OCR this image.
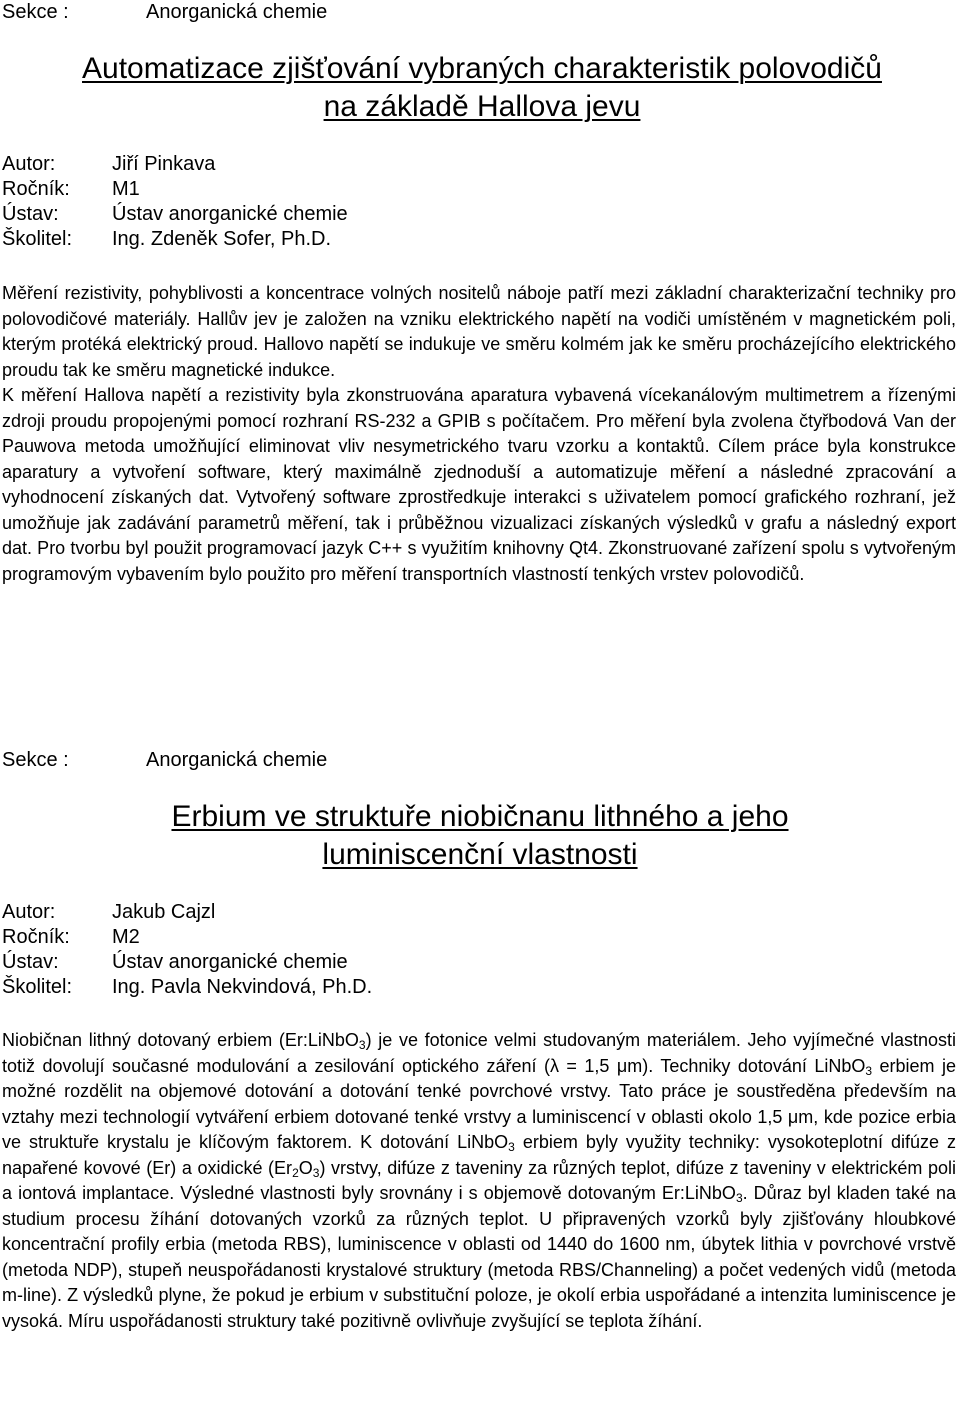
Sekce :	Anorganická chemie
Automatizace zjišťování vybraných charakteristik polovodičů
na základě Hallova jevu
Autor:	Jiří Pinkava
Ročník: M1
Ústav:	Ústav anorganické chemie
Školitel: Ing. Zdeněk Sofer, Ph.D.

Měření rezistivity, pohyblivosti a koncentrace volných nositelů náboje patří mezi základní charakterizační techniky pro polovodičové materiály. Hallův jev je založen na vzniku elektrického napětí na vodiči umístěném v magnetickém poli, kterým protéká elektrický proud. Hallovo napětí se indukuje ve směru kolmém jak ke směru procházejícího elektrického proudu tak ke směru magnetické indukce.

K měření Hallova napětí a rezistivity byla zkonstruována aparatura vybavená vícekanálovým multimetrem a řízenými zdroji proudu propojenými pomocí rozhraní RS-232 a GPIB s počítačem. Pro měření byla zvolena čtyřbodová Van der Pauwova metoda umožňující eliminovat vliv nesymetrického tvaru vzorku a kontaktů. Cílem práce byla konstrukce aparatury a vytvoření software, který maximálně zjednoduší a automatizuje měření a následné zpracování a vyhodnocení získaných dat. Vytvořený software zprostředkuje interakci s uživatelem pomocí grafického rozhraní, jež umožňuje jak zadávání parametrů měření, tak i průběžnou vizualizaci získaných výsledků v grafu a následný export dat. Pro tvorbu byl použit programovací jazyk C++ s využitím knihovny Qt4. Zkonstruované zařízení spolu s vytvořeným programovým vybavením bylo použito pro měření transportních vlastností tenkých vrstev polovodičů.

Sekce :	Anorganická chemie
Erbium ve struktuře niobičnanu lithného a jeho
luminiscenční vlastnosti
Autor:	Jakub Cajzl
Ročník: M2
Ústav:	Ústav anorganické chemie
Školitel: Ing. Pavla Nekvindová, Ph.D.

Niobičnan lithný dotovaný erbiem (Er:LiNbO$_3$) je ve fotonice velmi studovaným materiálem. Jeho vyjímečné vlastnosti totiž dovolují současné modulování a zesilování optického záření (λ = 1,5 μm). Techniky dotování LiNbO$_3$ erbiem je možné rozdělit na objemové dotování a dotování tenké povrchové vrstvy. Tato práce je soustředěna především na vztahy mezi technologií vytváření erbiem dotované tenké vrstvy a luminiscencí v oblasti okolo 1,5 μm, kde pozice erbia ve struktuře krystalu je klíčovým faktorem. K dotování LiNbO$_3$ erbiem byly využity techniky: vysokoteplotní difúze z napařené kovové (Er) a oxidické $(Er_2O_3)$ vrstvy, difúze z taveniny za různých teplot, difúze z taveniny v elektrickém poli a iontová implantace. Výsledné vlastnosti byly srovnány i s objemově dotovaným Er:LiNbO$_3$. Důraz byl kladen také na studium procesu žíhání dotovaných vzorků za různých teplot. U připravených vzorků byly zjišťovány hloubkové koncentrační profily erbia (metoda RBS), luminiscence v oblasti od 1440 do 1600 nm, úbytek lithia v povrchové vrstvě (metoda NDP), stupeň neuspořádanosti krystalové struktury (metoda RBS/Channeling) a počet vedených vidů (metoda m-line). Z výsledků plyne, že pokud je erbium v substituční poloze, je okolí erbia uspořádané a intenzita luminiscence je vysoká. Míru uspořádanosti struktury také pozitivně ovlivňuje zvyšující se teplota žíhání.
